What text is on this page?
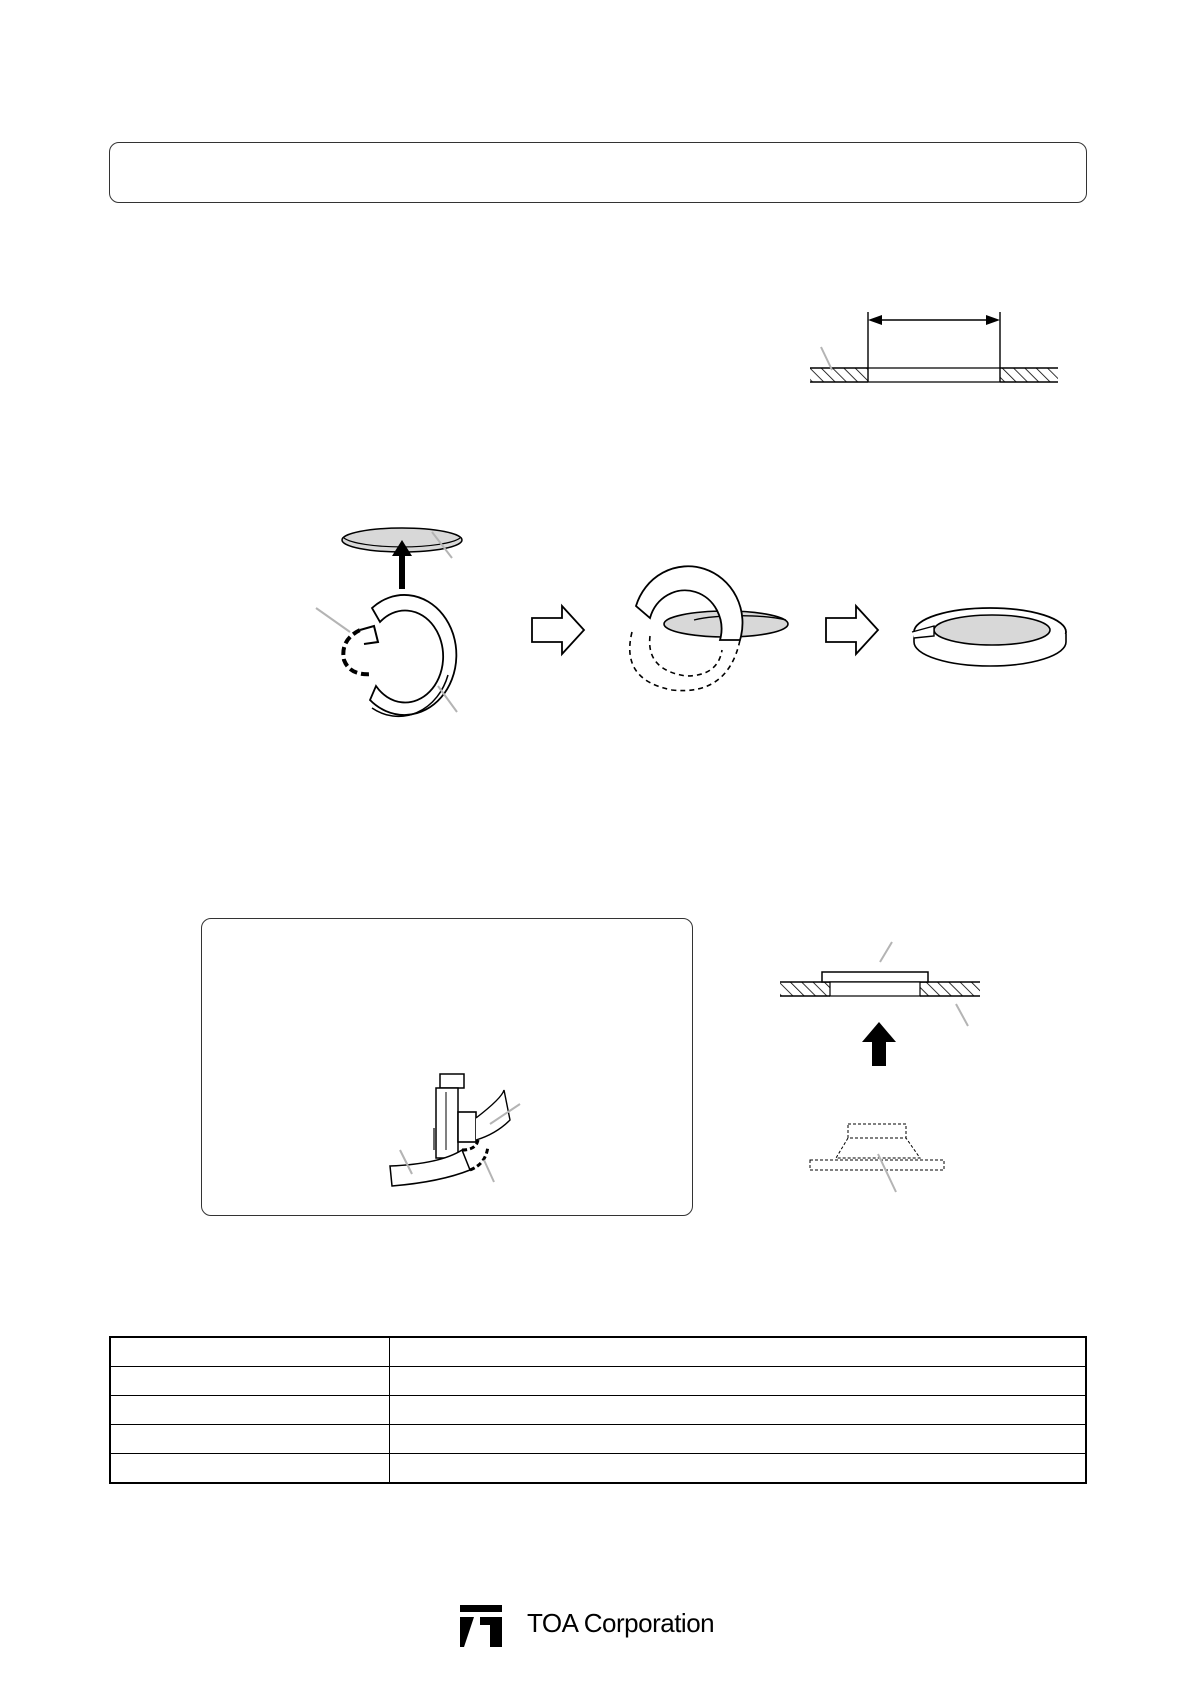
TOA Corporation
